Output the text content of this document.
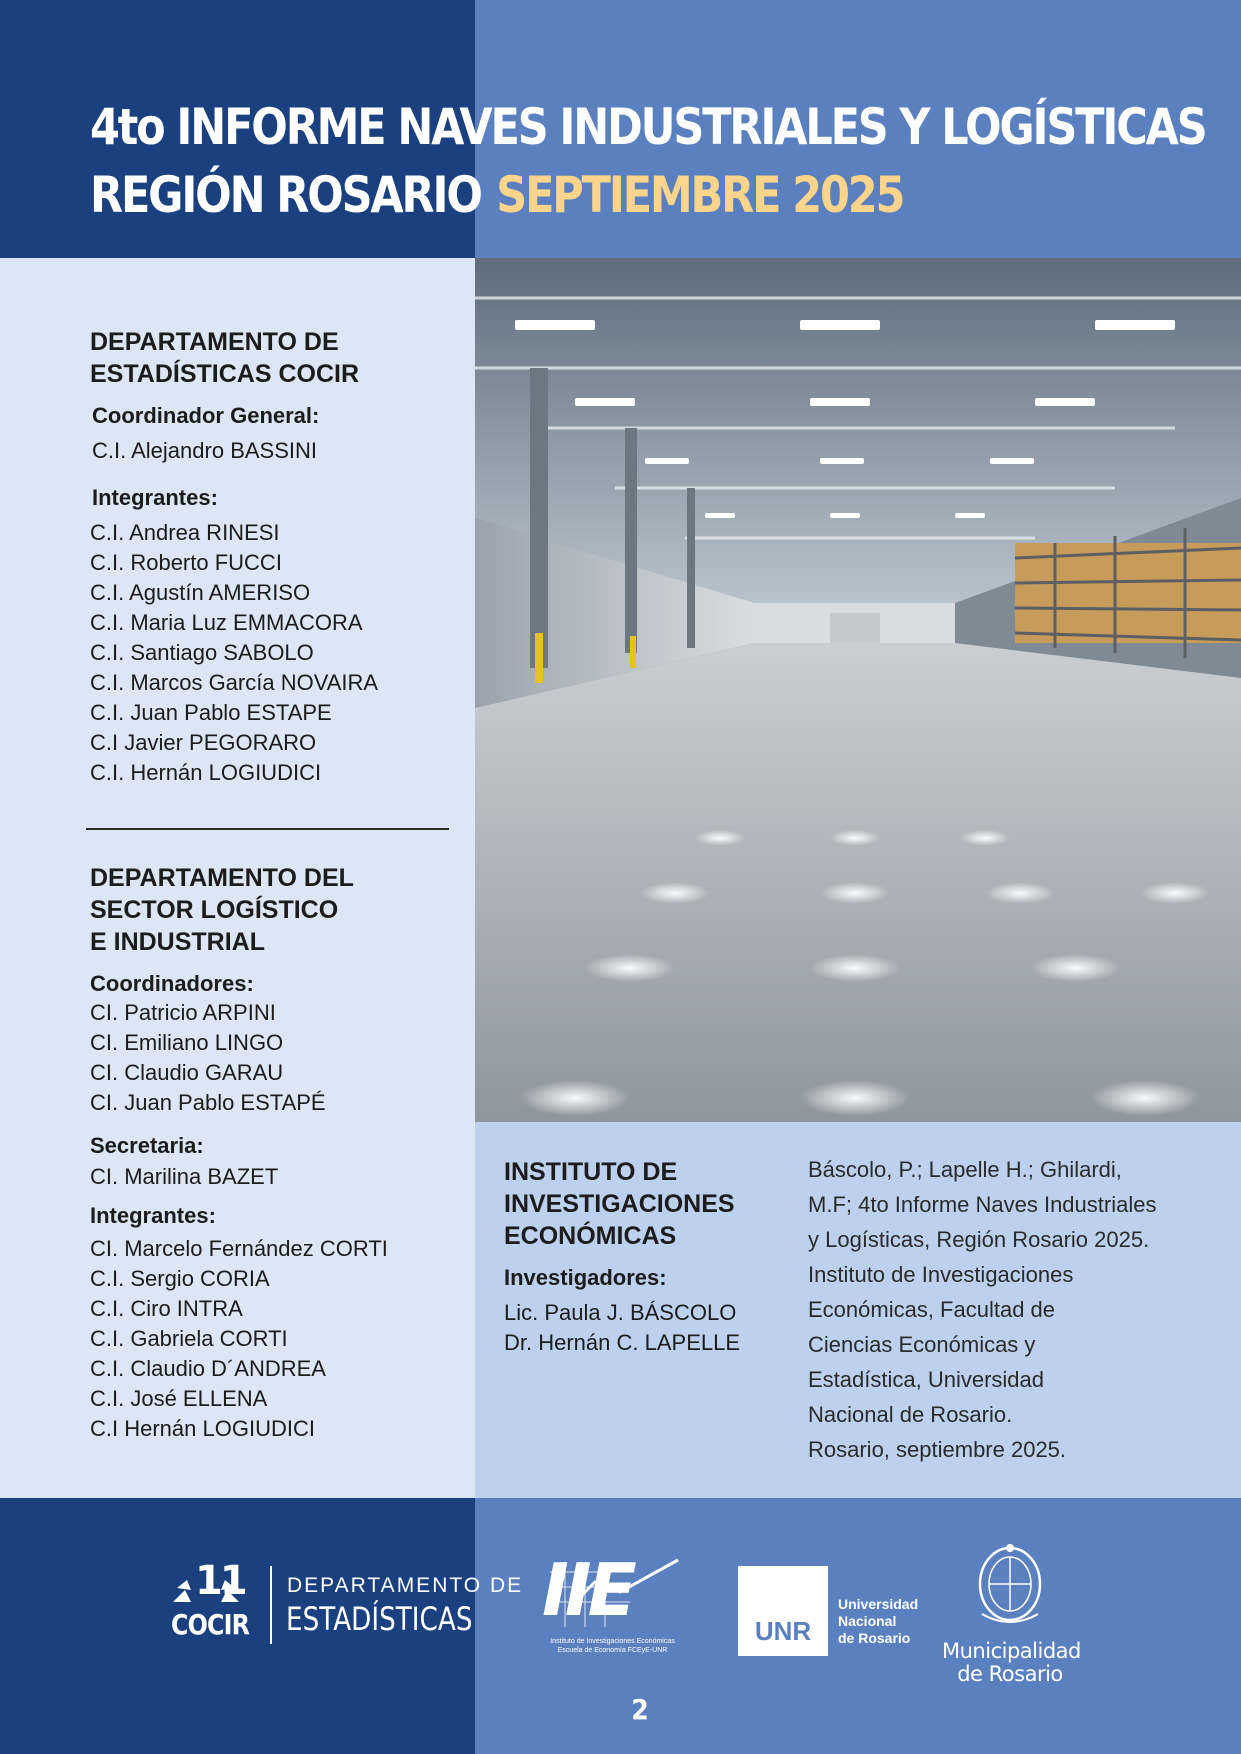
4to INFORME NAVES INDUSTRIALES Y LOGÍSTICAS
REGIÓN ROSARIO SEPTIEMBRE 2025
DEPARTAMENTO DE
ESTADÍSTICAS COCIR

Coordinador General:

C.I. Alejandro BASSINI

Integrantes:

C.I. Andrea RINESI

C.I. Roberto FUCCI

C.I. Agustín AMERISO

C.I. Maria Luz EMMACORA

C.I. Santiago SABOLO

C.I. Marcos García NOVAIRA

C.I. Juan Pablo ESTAPE

C.I Javier PEGORARO

C.I. Hernán LOGIUDICI

DEPARTAMENTO DEL
SECTOR LOGÍSTICO
E INDUSTRIAL

Coordinadores:

CI. Patricio ARPINI

CI. Emiliano LINGO

CI. Claudio GARAU

CI. Juan Pablo ESTAPÉ

Secretaria:

CI. Marilina BAZET

Integrantes:

CI. Marcelo Fernández CORTI

C.I. Sergio CORIA

C.I. Ciro INTRA

C.I. Gabriela CORTI

C.I. Claudio D´ANDREA

C.I. José ELLENA

C.I Hernán LOGIUDICI

INSTITUTO DE
INVESTIGACIONES
ECONÓMICAS

Investigadores:

Lic. Paula J. BÁSCOLO

Dr. Hernán C. LAPELLE

Báscolo, P.; Lapelle H.; Ghilardi,
M.F; 4to Informe Naves Industriales
y Logísticas, Región Rosario 2025.
Instituto de Investigaciones
Económicas, Facultad de
Ciencias Económicas y
Estadística, Universidad
Nacional de Rosario.
Rosario, septiembre 2025.
11
COCIR
DEPARTAMENTO DE
ESTADÍSTICAS IIE
Instituto de Investigaciones Económicas
Escuela de Economía FCEyE-UNR
UNR
Universidad
Nacional
de Rosario
Municipalidad
de Rosario
2
